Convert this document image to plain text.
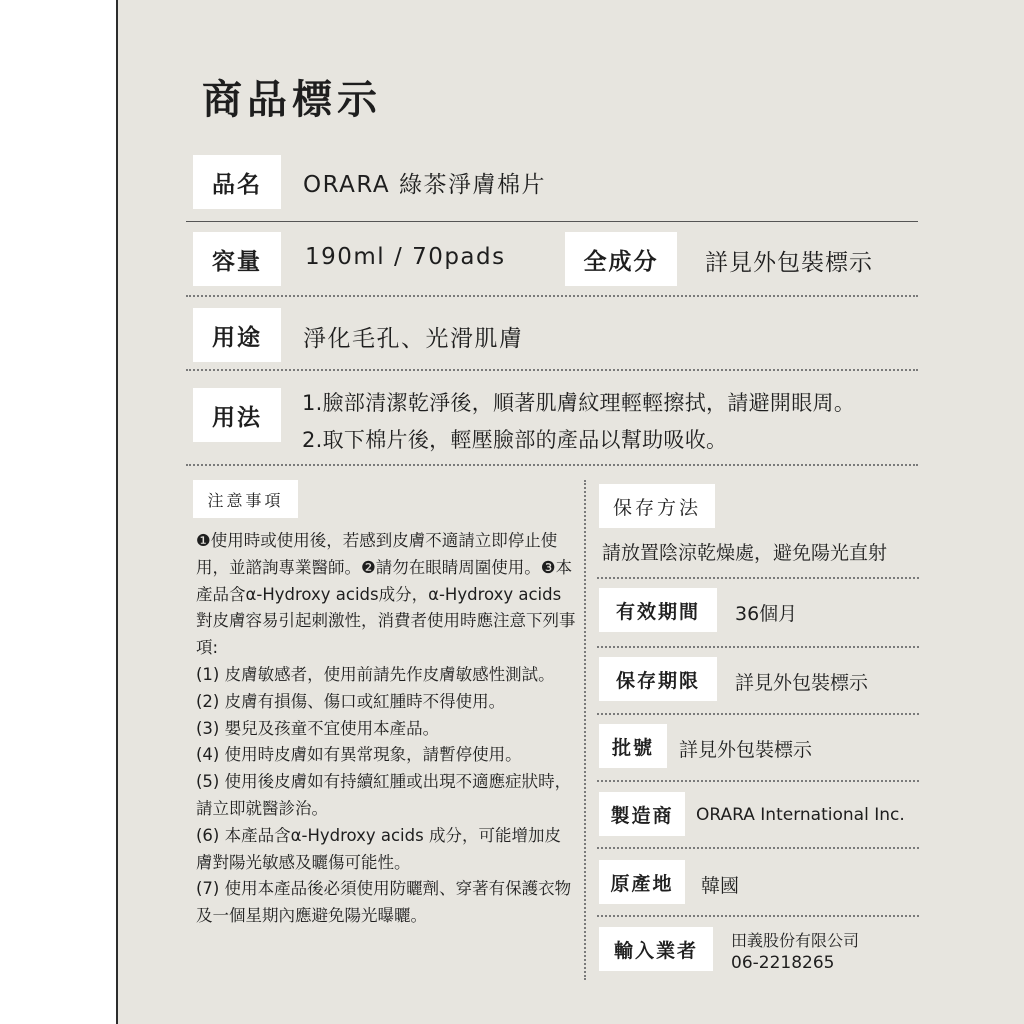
商品標示
品名	ORARA 綠茶淨膚棉片
容量	190ml / 70pads	全成分	詳見外包裝標示
用途	淨化毛孔、光滑肌膚
用法
1.臉部清潔乾淨後，順著肌膚紋理輕輕擦拭，請避開眼周。
2.取下棉片後，輕壓臉部的產品以幫助吸收。
注意事項

❶使用時或使用後，若感到皮膚不適請立即停止使用，並諮詢專業醫師。❷請勿在眼睛周圍使用。❸本產品含α-Hydroxy acids成分，α-Hydroxy acids 對皮膚容易引起刺激性，消費者使用時應注意下列事項:

(1) 皮膚敏感者，使用前請先作皮膚敏感性測試。

(2) 皮膚有損傷、傷口或紅腫時不得使用。

(3) 嬰兒及孩童不宜使用本產品。

(4) 使用時皮膚如有異常現象，請暫停使用。

(5) 使用後皮膚如有持續紅腫或出現不適應症狀時，請立即就醫診治。

(6) 本產品含α-Hydroxy acids 成分，可能增加皮膚對陽光敏感及曬傷可能性。

(7) 使用本產品後必須使用防曬劑、穿著有保護衣物及一個星期內應避免陽光曝曬。

保存方法
請放置陰涼乾燥處，避免陽光直射
有效期間	36個月
保存期限	詳見外包裝標示
批號	詳見外包裝標示
製造商	ORARA International Inc.
原產地	韓國
輸入業者	田義股份有限公司
06-2218265
